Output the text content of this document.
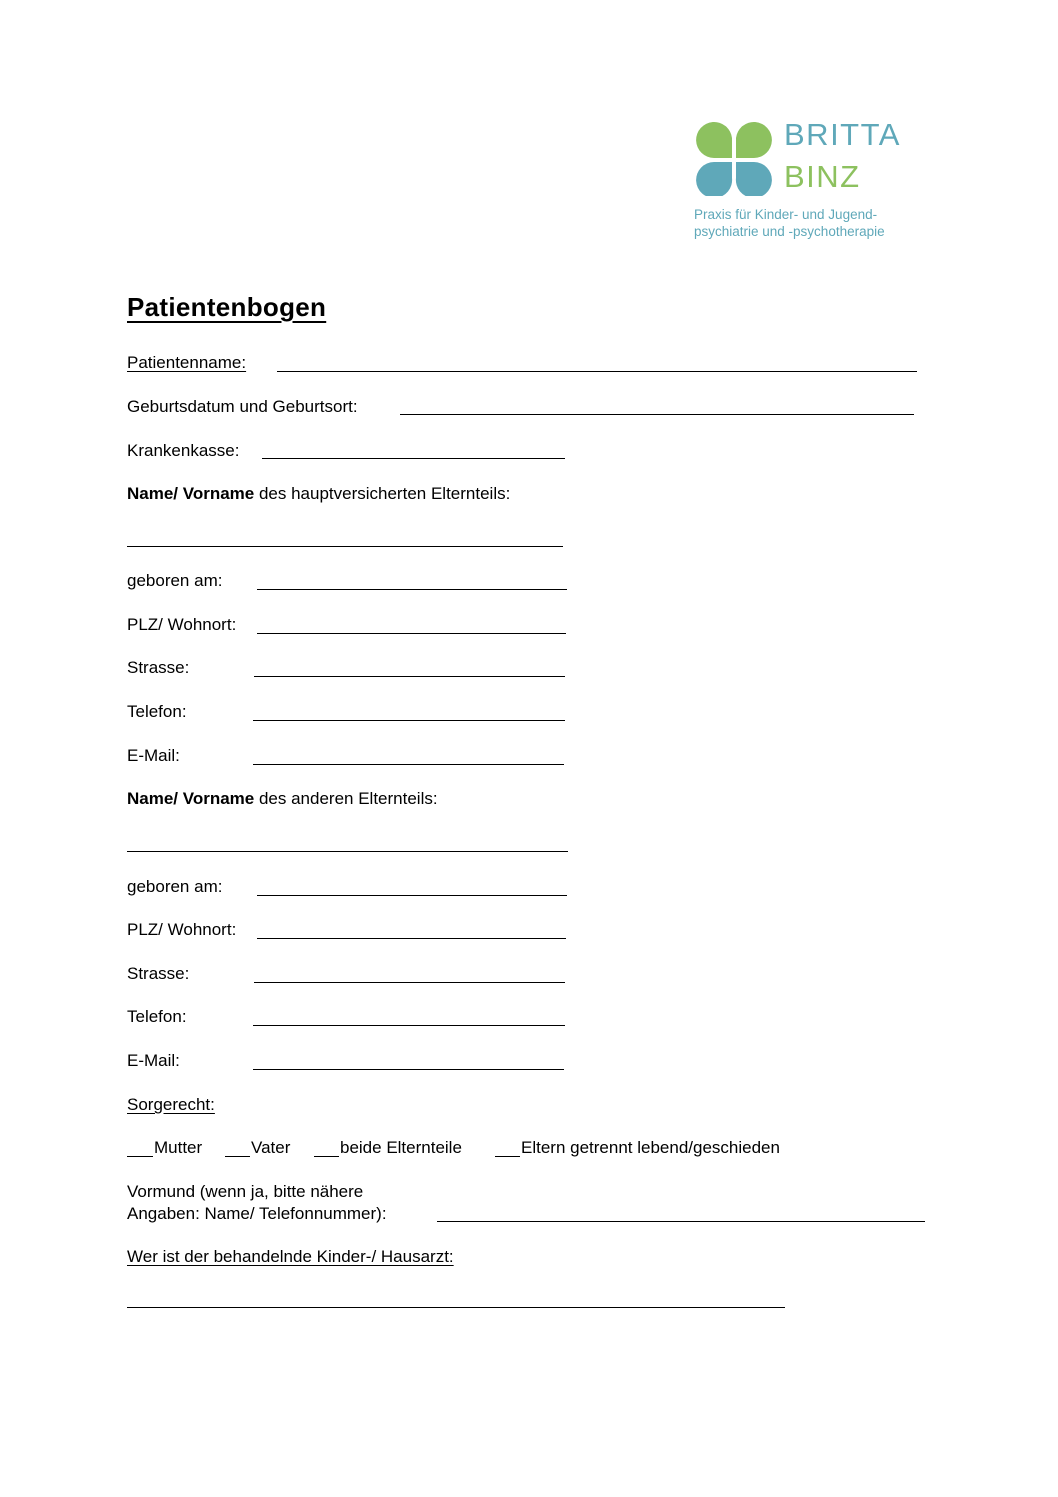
BRITTA
BINZ
Praxis für Kinder- und Jugend-
psychiatrie und -psychotherapie
Patientenbogen
Patientenname:
Geburtsdatum und Geburtsort:
Krankenkasse:
Name/ Vorname des hauptversicherten Elternteils:
geboren am:
PLZ/ Wohnort:
Strasse:
Telefon:
E-Mail:
Name/ Vorname des anderen Elternteils:
geboren am:
PLZ/ Wohnort:
Strasse:
Telefon:
E-Mail:
Sorgerecht:
Mutter	Vater	beide Elternteile	Eltern getrennt lebend/geschieden
Vormund (wenn ja, bitte nähere
Angaben: Name/ Telefonnummer):
Wer ist der behandelnde Kinder-/ Hausarzt:
